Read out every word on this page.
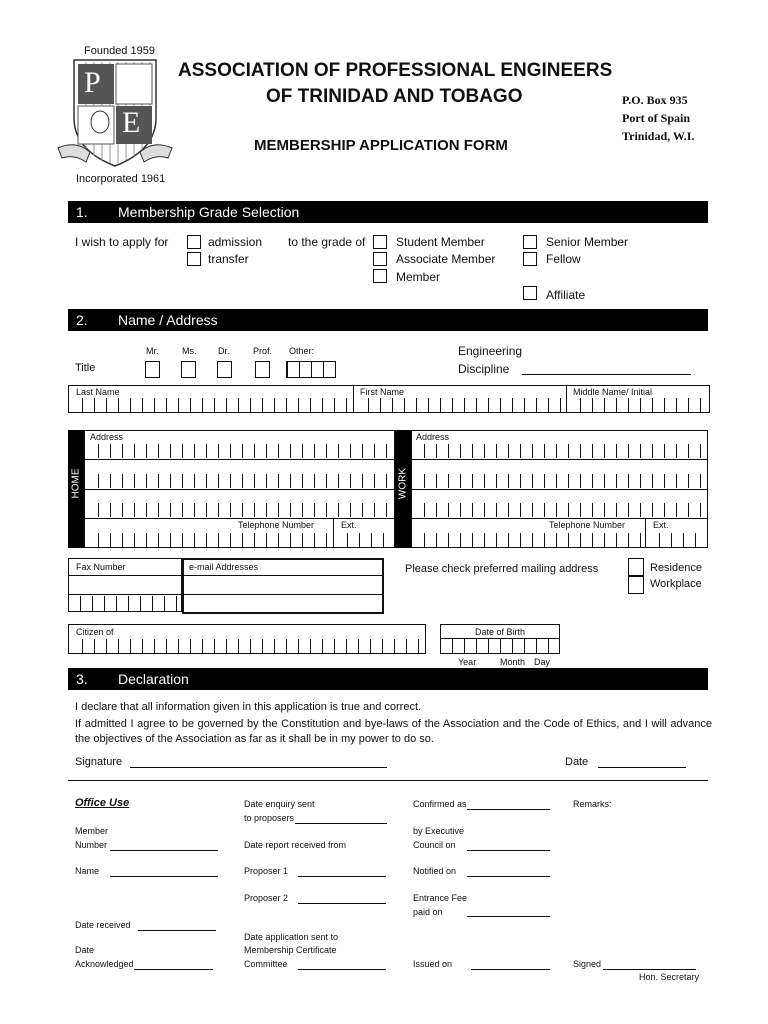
Founded 1959
P
E
Incorporated 1961
ASSOCIATION OF PROFESSIONAL ENGINEERS
OF TRINIDAD AND TOBAGO
MEMBERSHIP APPLICATION FORM
P.O. Box 935
Port of Spain
Trinidad, W.I.
1. Membership Grade Selection
I wish to apply for	admission
transfer
to the grade of	Student Member
Associate Member
Member
Senior Member
Fellow
Affiliate
2. Name / Address
Mr.	Ms. Dr.	Prof. Other:
Title
Engineering
Discipline
Last Name	First Name	Middle Name/ Initial
HOME
Address
Telephone Number	Ext.
WORK
Address
Telephone Number	Ext.
Fax Number	e-mail Addresses	Please check preferred mailing address	Residence
Workplace
Citizen of	Date of Birth
Year	Month Day
3. Declaration
I declare that all information given in this application is true and correct.
If admitted I agree to be governed by the Constitution and bye-laws of the Association and the Code of Ethics, and I will advance the objectives of the Association as far as it shall be in my power to do so.
Signature	Date
Office Use
Member
Number
Name
Date received
Date
Acknowledged
Date enquiry sent
to proposers
Date report received from
Proposer 1
Proposer 2
Date application sent to
Membership Certificate
Committee
Confirmed as
by Executive
Council on
Notified on
Entrance Fee
paid on
Issued on
Remarks:
Signed
Hon. Secretary
